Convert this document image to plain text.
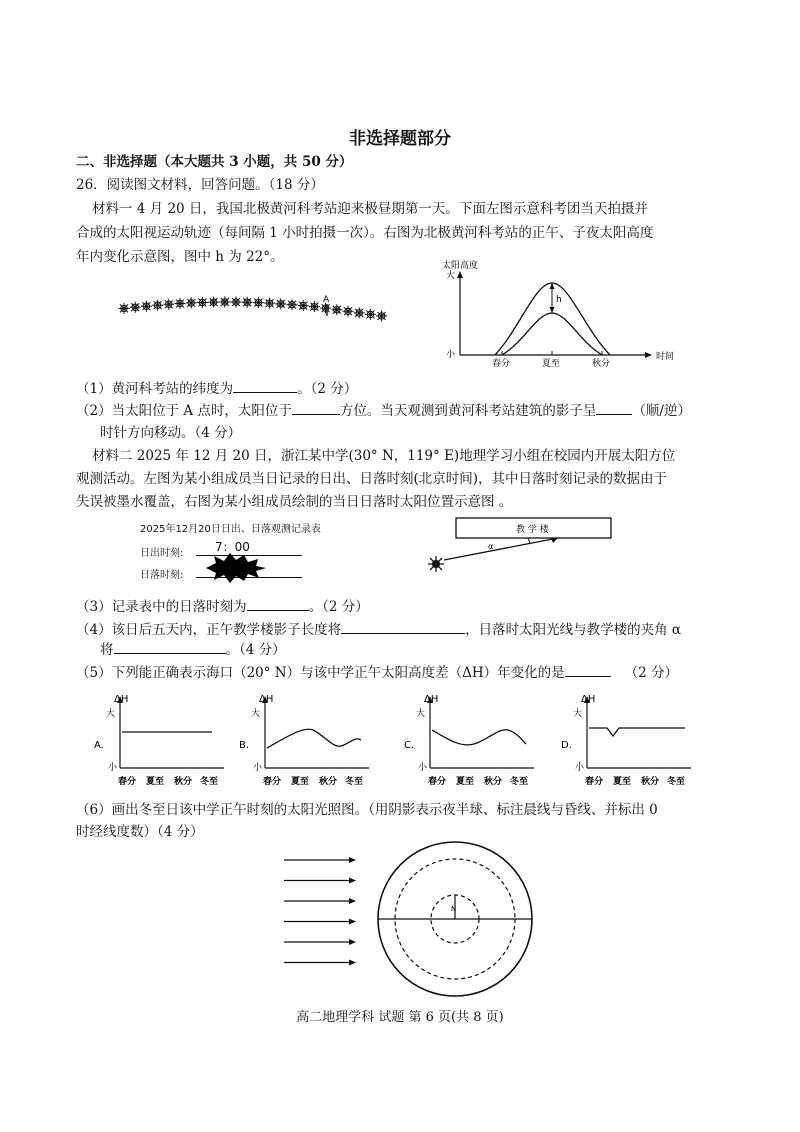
非选择题部分
二、非选择题（本大题共 3 小题，共 50 分）
26．阅读图文材料，回答问题。（18 分）
材料一 4 月 20 日，我国北极黄河科考站迎来极昼期第一天。下面左图示意科考团当天拍摄并
合成的太阳视运动轨迹（每间隔 1 小时拍摄一次）。右图为北极黄河科考站的正午、子夜太阳高度
年内变化示意图，图中 h 为 22°。
A
太阳高度
大
小
h
春分	夏至	秋分
时间
（1）黄河科考站的纬度为	。（2 分）
（2）当太阳位于 A 点时，太阳位于	方位。当天观测到黄河科考站建筑的影子呈	（顺/逆）
时针方向移动。（4 分）
材料二 2025 年 12 月 20 日，浙江某中学(30° N，119° E)地理学习小组在校园内开展太阳方位
观测活动。左图为某小组成员当日记录的日出、日落时刻(北京时间)，其中日落时刻记录的数据由于
失误被墨水覆盖，右图为某小组成员绘制的当日日落时太阳位置示意图 。
2025年12月20日日出、日落观测记录表
日出时刻:	7：00
日落时刻:
教 学 楼
α
（3）记录表中的日落时刻为	。（2 分）
（4）该日后五天内，正午教学楼影子长度将	，日落时太阳光线与教学楼的夹角 α
将	。（4 分）
（5）下列能正确表示海口（20° N）与该中学正午太阳高度差（ΔH）年变化的是	（2 分）
ΔH
大
小
A.
春分 夏至 秋分 冬至
ΔH
大
小
B.
春分 夏至 秋分 冬至
ΔH
大
小
C.
春分 夏至 秋分 冬至
ΔH
大
小
D.
春分 夏至 秋分 冬至
（6）画出冬至日该中学正午时刻的太阳光照图。（用阴影表示夜半球、标注晨线与昏线、并标出 0
时经线度数）（4 分）
N
高二地理学科 试题 第 6 页(共 8 页)
